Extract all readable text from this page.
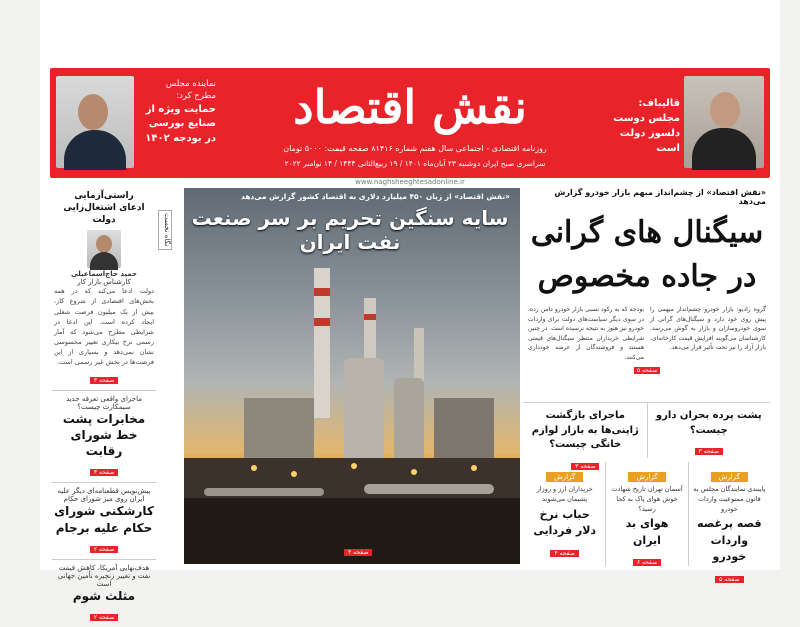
نماینده مجلس
مطرح کرد:
حمایت ویژه از
صنایع بورسی
در بودجه ۱۴۰۲
نقش اقتصاد
روزنامه اقتصادی - اجتماعی سال هفتم شماره ۸۱۴۱۶ صفحه قیمت: ۵۰۰۰ تومان
سراسری صبح ایران دوشنبه ۲۳ آبان‌ماه ۱۴۰۱ / ۱۹ ربیع‌الثانی ۱۴۴۴ / ۱۴ نوامبر ۲۰۲۲
قالیباف:
مجلس دوست
دلسوز دولت
است
www.naghsheeghtesadonline.ir
راستی‌آزمایی
ادعای اشتغال‌زایی دولت
حمید حاج‌اسماعیلی
کارشناس بازار کار
دولت ادعا می‌کند که در همه بخش‌های اقتصادی از شروع کار، بیش از یک میلیون فرصت شغلی ایجاد کرده است. این ادعا در شرایطی مطرح می‌شود که آمار رسمی نرخ بیکاری تغییر محسوسی نشان نمی‌دهد و بسیاری از این فرصت‌ها در بخش غیر رسمی است.
صفحه ۳
ماجرای واقعی تعرفه جدید سیمکارت چیست؟
مخابرات پشت خط شورای رقابت
صفحه ۳
پیش‌نویس قطعنامه‌ای دیگر علیه ایران روی میز شورای حکام
کارشکنی شورای حکام علیه برجام
صفحه ۲
هدف‌نهایی آمریکا، کاهش قیمت نفت و تغییر زنجیره تأمین جهانی است
مثلث شوم
صفحه ۲
نگاه نخست
«نقش اقتصاد» از زیان ۴۵۰ میلیارد دلاری به اقتصاد کشور گزارش می‌دهد
سایه سنگین تحریم بر سر صنعت نفت ایران
صفحه ۴
«نقش اقتصاد» از چشم‌انداز مبهم بازار خودرو گزارش می‌دهد
سیگنال های گرانی
در جاده مخصوص
گروه رادیو: بازار خودرو چشم‌انداز مبهمی را پیش روی خود دارد و سیگنال‌های گرانی از سوی خودروسازان و بازار به گوش می‌رسد. کارشناسان می‌گویند افزایش قیمت کارخانه‌ای، بازار آزاد را نیز تحت تأثیر قرار می‌دهد.
بودجه که به رکود نسبی بازار خودرو دامن زده، در سوی دیگر سیاست‌های دولت برای واردات خودرو نیز هنوز به نتیجه نرسیده است. در چنین شرایطی خریداران منتظر سیگنال‌های قیمتی هستند و فروشندگان از عرضه خودداری می‌کنند.
صفحه ۵
پشت پرده بحران دارو چیست؟
صفحه ۳
ماجرای بازگشت ژاپنی‌ها به بازار لوازم خانگی چیست؟
صفحه ۳
گزارش
پایبندی نمایندگان مجلس به قانون ممنوعیت واردات خودرو
قصه پرغصه واردات خودرو
صفحه ۵
گزارش
آسمان تهران تاریخ شهادت خوش هوای پاک به کجا رسید؟
هوای بد ایران
صفحه ۶
گزارش
خریداران ارز و روزار پشیمان می‌شوند
حباب نرخ دلار فردایی
صفحه ۴
